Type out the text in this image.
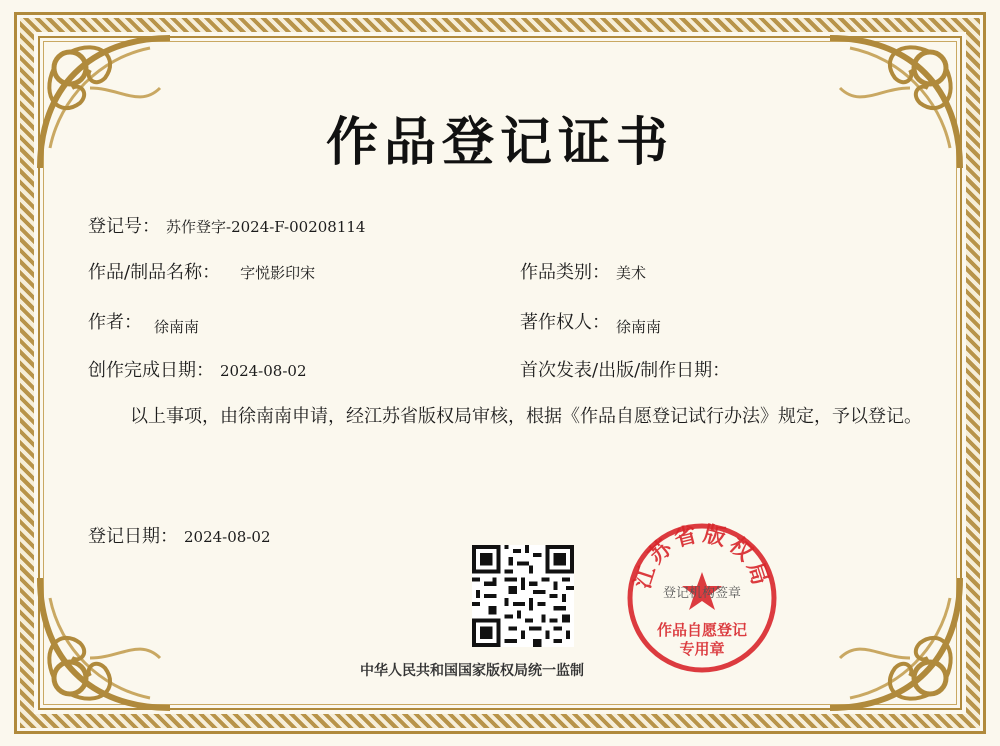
作品登记证书
登记号： 苏作登字-2024-F-00208114
作品/制品名称： 字悦影印宋	作品类别： 美术
作者： $_{徐南南}$	著作权人： $_{徐南南}$
创作完成日期： 2024-08-02	首次发表/出版/制作日期：
以上事项，由徐南南申请，经江苏省版权局审核，根据《作品自愿登记试行办法》规定，予以登记。
登记日期： 2024-08-02
中华人民共和国国家版权局统一监制
江苏省版权局
登记机构签章
作品自愿登记
专用章
